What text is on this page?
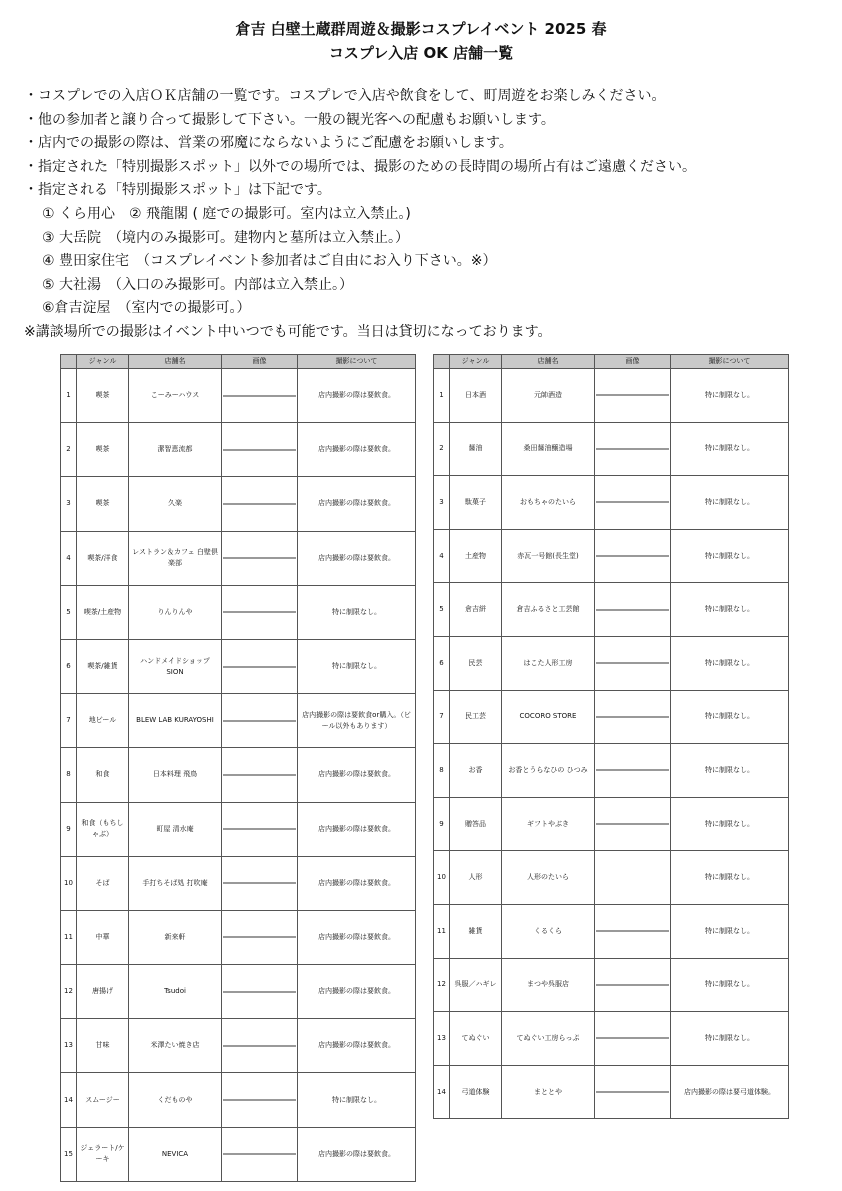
倉吉 白壁土蔵群周遊＆撮影コスプレイベント 2025 春
コスプレ入店 OK 店舗一覧
・コスプレでの入店ＯＫ店舗の一覧です。コスプレで入店や飲食をして、町周遊をお楽しみください。
・他の参加者と譲り合って撮影して下さい。一般の観光客への配慮もお願いします。
・店内での撮影の際は、営業の邪魔にならないようにご配慮をお願いします。
・指定された「特別撮影スポット」以外での場所では、撮影のための長時間の場所占有はご遠慮ください。
・指定される「特別撮影スポット」は下記です。
① くら用心　② 飛龍閣 ( 庭での撮影可。室内は立入禁止。)
③ 大岳院　（境内のみ撮影可。建物内と墓所は立入禁止。）
④ 豊田家住宅　（コスプレイベント参加者はご自由にお入り下さい。※）
⑤ 大社湯　（入口のみ撮影可。内部は立入禁止。）
⑥倉吉淀屋　（室内での撮影可。）
※講談場所での撮影はイベント中いつでも可能です。当日は貸切になっております。
	ジャンル	店舗名	画像	撮影について
1	喫茶	こーみーハウス		店内撮影の際は要飲食。
2	喫茶	潔智恵流都		店内撮影の際は要飲食。
3	喫茶	久楽		店内撮影の際は要飲食。
4	喫茶/洋食	レストラン＆カフェ 白壁倶楽部		店内撮影の際は要飲食。
5	喫茶/土産物	りんりんや		特に制限なし。
6	喫茶/雑貨	ハンドメイドショップ SION		特に制限なし。
7	地ビール	BLEW LAB KURAYOSHI		店内撮影の際は要飲食or購入。（ビール以外もあります）
8	和食	日本料理 飛鳥		店内撮影の際は要飲食。
9	和食（もちしゃぶ）	町屋 清水庵		店内撮影の際は要飲食。
10	そば	手打ちそば処 打吹庵		店内撮影の際は要飲食。
11	中華	新来軒		店内撮影の際は要飲食。
12	唐揚げ	Tsudoi		店内撮影の際は要飲食。
13	甘味	米澤たい焼き店		店内撮影の際は要飲食。
14	スムージー	くだものや		特に制限なし。
15	ジェラート/ケーキ	NEVICA		店内撮影の際は要飲食。
	ジャンル	店舗名	画像	撮影について
1	日本酒	元帥酒造		特に制限なし。
2	醤油	桑田醤油醸造場		特に制限なし。
3	駄菓子	おもちゃのたいら		特に制限なし。
4	土産物	赤瓦一号館(長生堂)		特に制限なし。
5	倉吉絣	倉吉ふるさと工芸館		特に制限なし。
6	民芸	はこた人形工房		特に制限なし。
7	民工芸	COCORO STORE		特に制限なし。
8	お香	お香とうらなひの ひつみ		特に制限なし。
9	贈答品	ギフトやぶき		特に制限なし。
10	人形	人形のたいら		特に制限なし。
11	雑貨	くるくら		特に制限なし。
12	呉服／ハギレ	まつや呉服店		特に制限なし。
13	てぬぐい	てぬぐい工房らっぷ		特に制限なし。
14	弓道体験	まととや		店内撮影の際は要弓道体験。
